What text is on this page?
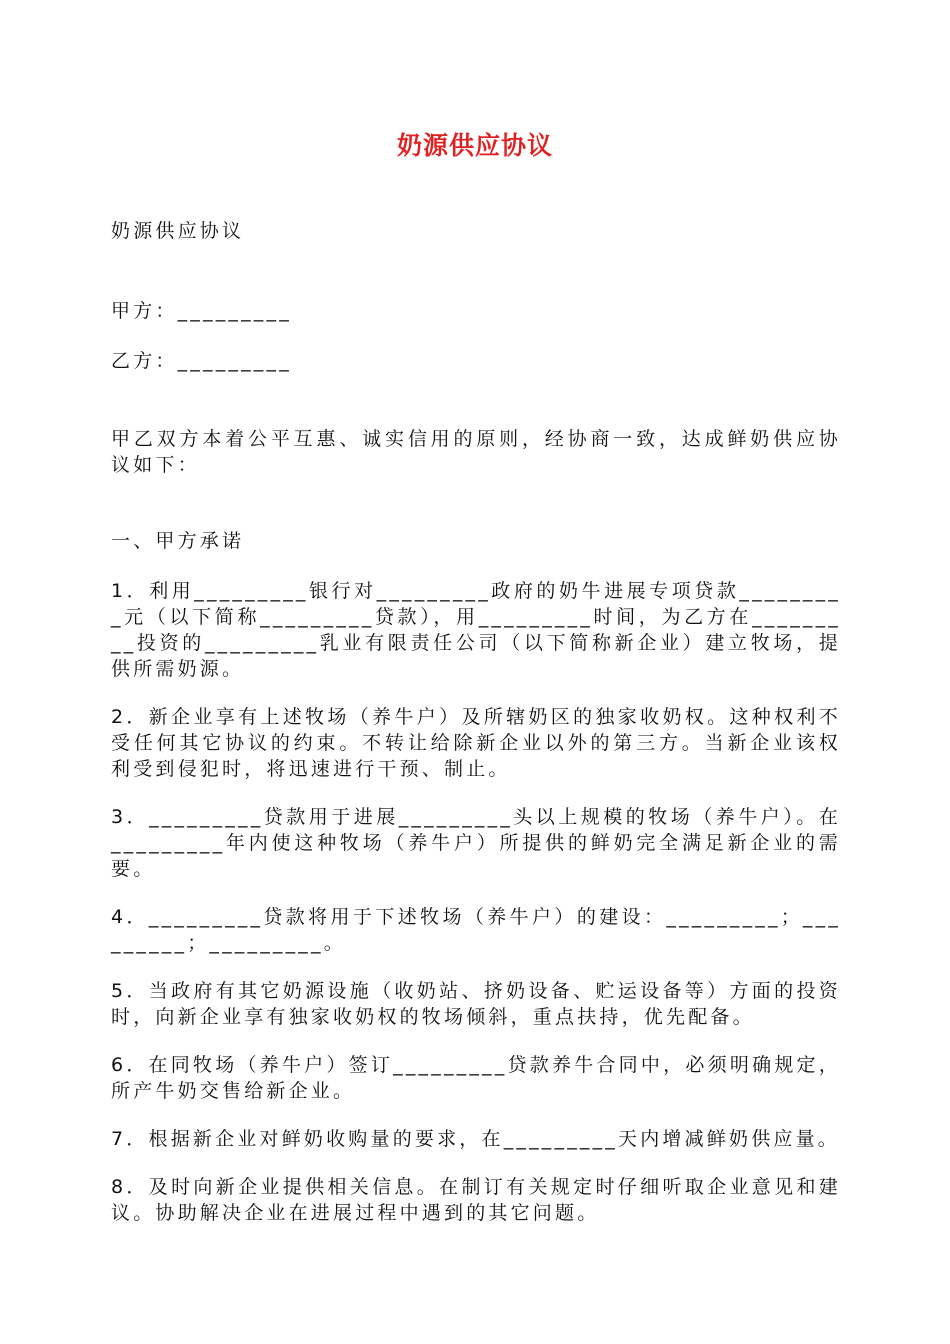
奶源供应协议

奶源供应协议

甲方：_________

乙方：_________

甲乙双方本着公平互惠、诚实信用的原则，经协商一致，达成鲜奶供应协议如下：

一、甲方承诺

1．利用_________银行对_________政府的奶牛进展专项贷款_________元（以下简称_________贷款），用_________时间，为乙方在_________投资的_________乳业有限责任公司（以下简称新企业）建立牧场，提供所需奶源。

2．新企业享有上述牧场（养牛户）及所辖奶区的独家收奶权。这种权利不受任何其它协议的约束。不转让给除新企业以外的第三方。当新企业该权利受到侵犯时，将迅速进行干预、制止。

3．_________贷款用于进展_________头以上规模的牧场（养牛户）。在_________年内使这种牧场（养牛户）所提供的鲜奶完全满足新企业的需要。

4．_________贷款将用于下述牧场（养牛户）的建设：_________；_________；_________。

5．当政府有其它奶源设施（收奶站、挤奶设备、贮运设备等）方面的投资时，向新企业享有独家收奶权的牧场倾斜，重点扶持，优先配备。

6．在同牧场（养牛户）签订_________贷款养牛合同中，必须明确规定，所产牛奶交售给新企业。

7．根据新企业对鲜奶收购量的要求，在_________天内增减鲜奶供应量。

8．及时向新企业提供相关信息。在制订有关规定时仔细听取企业意见和建议。协助解决企业在进展过程中遇到的其它问题。
